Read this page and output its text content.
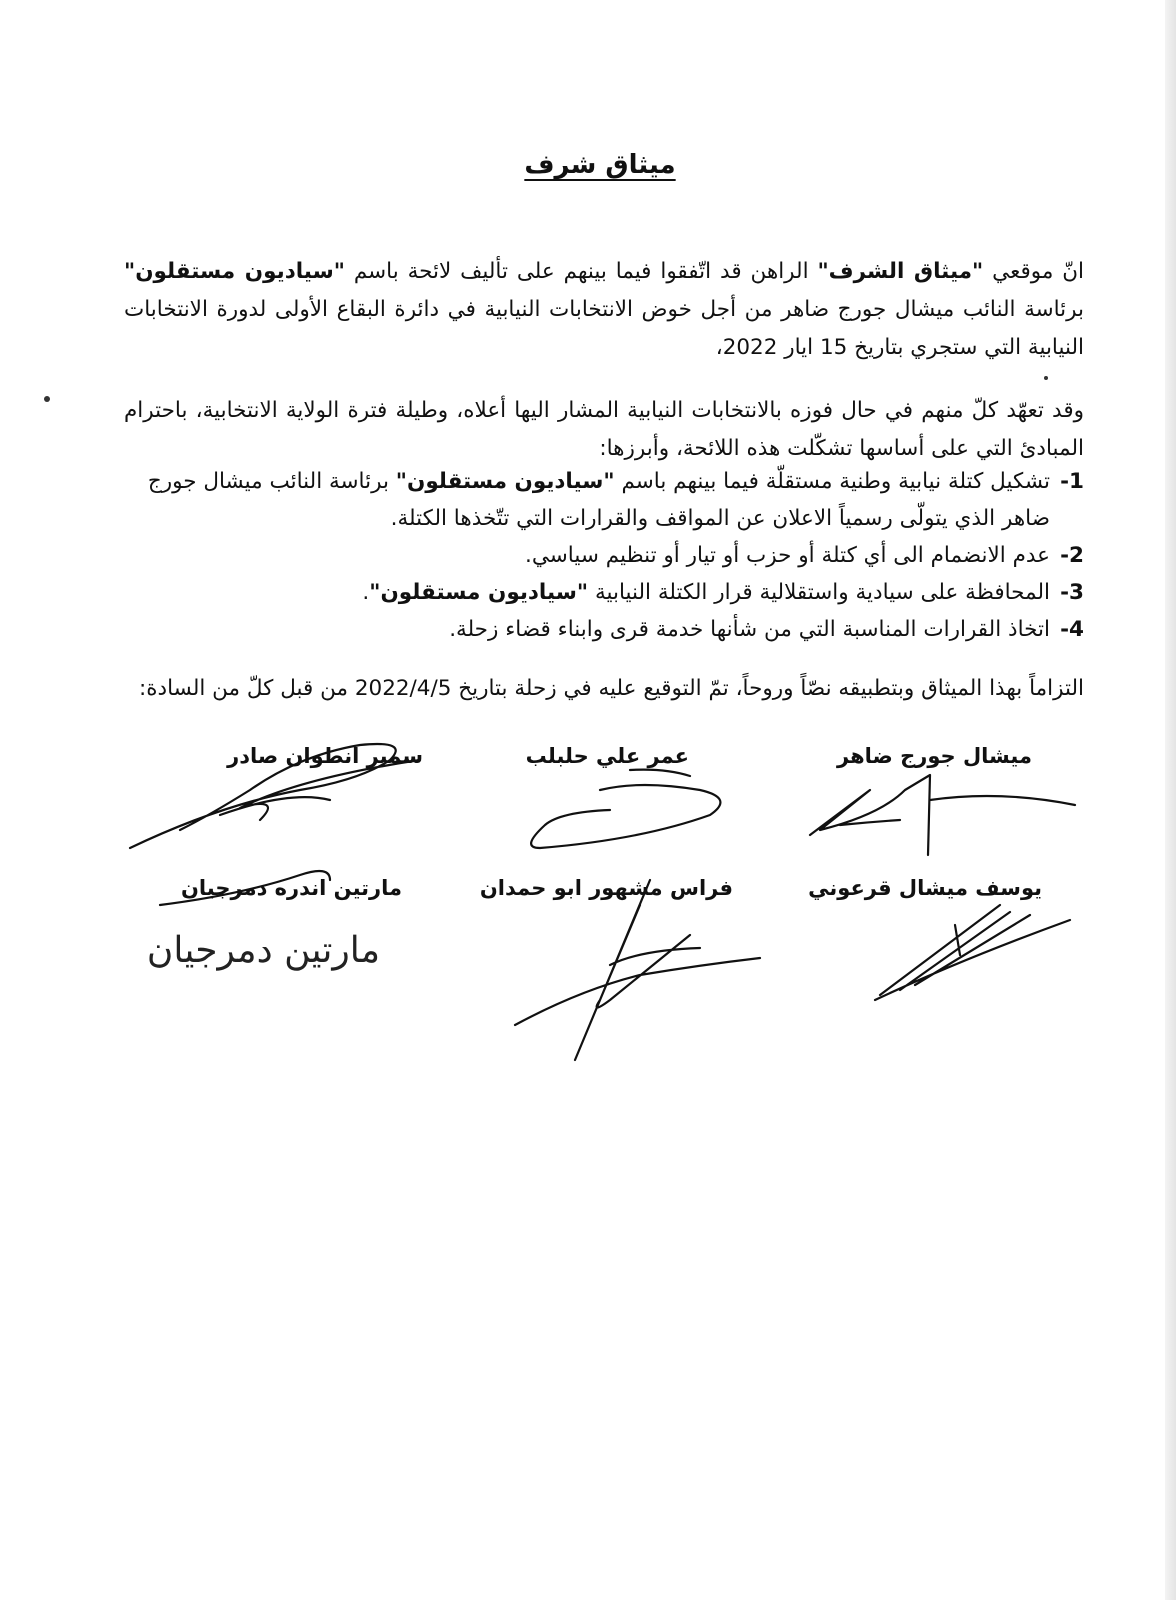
ميثاق شرف
انّ موقعي "ميثاق الشرف" الراهن قد اتّفقوا فيما بينهم على تأليف لائحة باسم "سياديون مستقلون" برئاسة النائب ميشال جورج ضاهر من أجل خوض الانتخابات النيابية في دائرة البقاع الأولى لدورة الانتخابات النيابية التي ستجري بتاريخ 15 ايار 2022،
وقد تعهّد كلّ منهم في حال فوزه بالانتخابات النيابية المشار اليها أعلاه، وطيلة فترة الولاية الانتخابية، باحترام المبادئ التي على أساسها تشكّلت هذه اللائحة، وأبرزها:
1-
تشكيل كتلة نيابية وطنية مستقلّة فيما بينهم باسم "سياديون مستقلون" برئاسة النائب ميشال جورج ضاهر الذي يتولّى رسمياً الاعلان عن المواقف والقرارات التي تتّخذها الكتلة.
2-
عدم الانضمام الى أي كتلة أو حزب أو تيار أو تنظيم سياسي.
3-
المحافظة على سيادية واستقلالية قرار الكتلة النيابية "سياديون مستقلون".
4-
اتخاذ القرارات المناسبة التي من شأنها خدمة قرى وابناء قضاء زحلة.
التزاماً بهذا الميثاق وبتطبيقه نصّاً وروحاً، تمّ التوقيع عليه في زحلة بتاريخ 2022/4/5 من قبل كلّ من السادة:
ميشال جورج ضاهر
عمر علي حلبلب
سمير انطوان صادر
يوسف ميشال قرعوني
فراس مشهور ابو حمدان
مارتين اندره دمرجيان
مارتين دمرجيان
